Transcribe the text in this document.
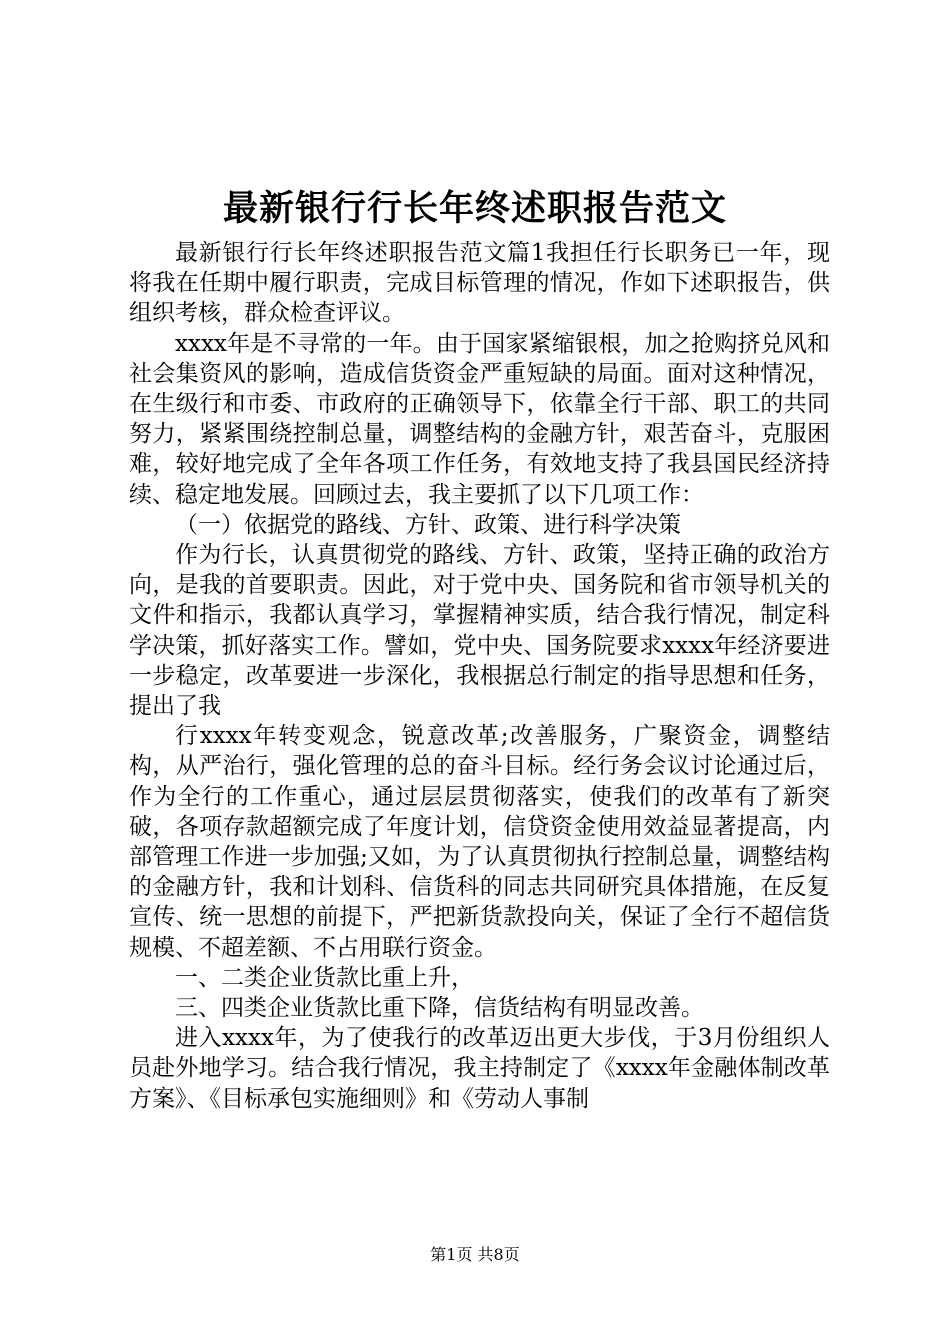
最新银行行长年终述职报告范文

最新银行行长年终述职报告范文篇1我担任行长职务已一年，现将我在任期中履行职责，完成目标管理的情况，作如下述职报告，供组织考核，群众检查评议。

xxxx年是不寻常的一年。由于国家紧缩银根，加之抢购挤兑风和社会集资风的影响，造成信货资金严重短缺的局面。面对这种情况，在生级行和市委、市政府的正确领导下，依靠全行干部、职工的共同努力，紧紧围绕控制总量，调整结构的金融方针，艰苦奋斗，克服困难，较好地完成了全年各项工作任务，有效地支持了我县国民经济持续、稳定地发展。回顾过去，我主要抓了以下几项工作：

（一）依据党的路线、方针、政策、进行科学决策

作为行长，认真贯彻党的路线、方针、政策，坚持正确的政治方向，是我的首要职责。因此，对于党中央、国务院和省市领导机关的文件和指示，我都认真学习，掌握精神实质，结合我行情况，制定科学决策，抓好落实工作。譬如，党中央、国务院要求xxxx年经济要进一步稳定，改革要进一步深化，我根据总行制定的指导思想和任务，提出了我

行xxxx年转变观念，锐意改革;改善服务，广聚资金，调整结构，从严治行，强化管理的总的奋斗目标。经行务会议讨论通过后，作为全行的工作重心，通过层层贯彻落实，使我们的改革有了新突破，各项存款超额完成了年度计划，信贷资金使用效益显著提高，内部管理工作进一步加强;又如，为了认真贯彻执行控制总量，调整结构的金融方针，我和计划科、信货科的同志共同研究具体措施，在反复宣传、统一思想的前提下，严把新货款投向关，保证了全行不超信货规模、不超差额、不占用联行资金。

一、二类企业货款比重上升，

三、四类企业货款比重下降，信货结构有明显改善。

进入xxxx年，为了使我行的改革迈出更大步伐，于3月份组织人员赴外地学习。结合我行情况，我主持制定了《xxxx年金融体制改革方案》、《目标承包实施细则》和《劳动人事制

第1页 共8页
